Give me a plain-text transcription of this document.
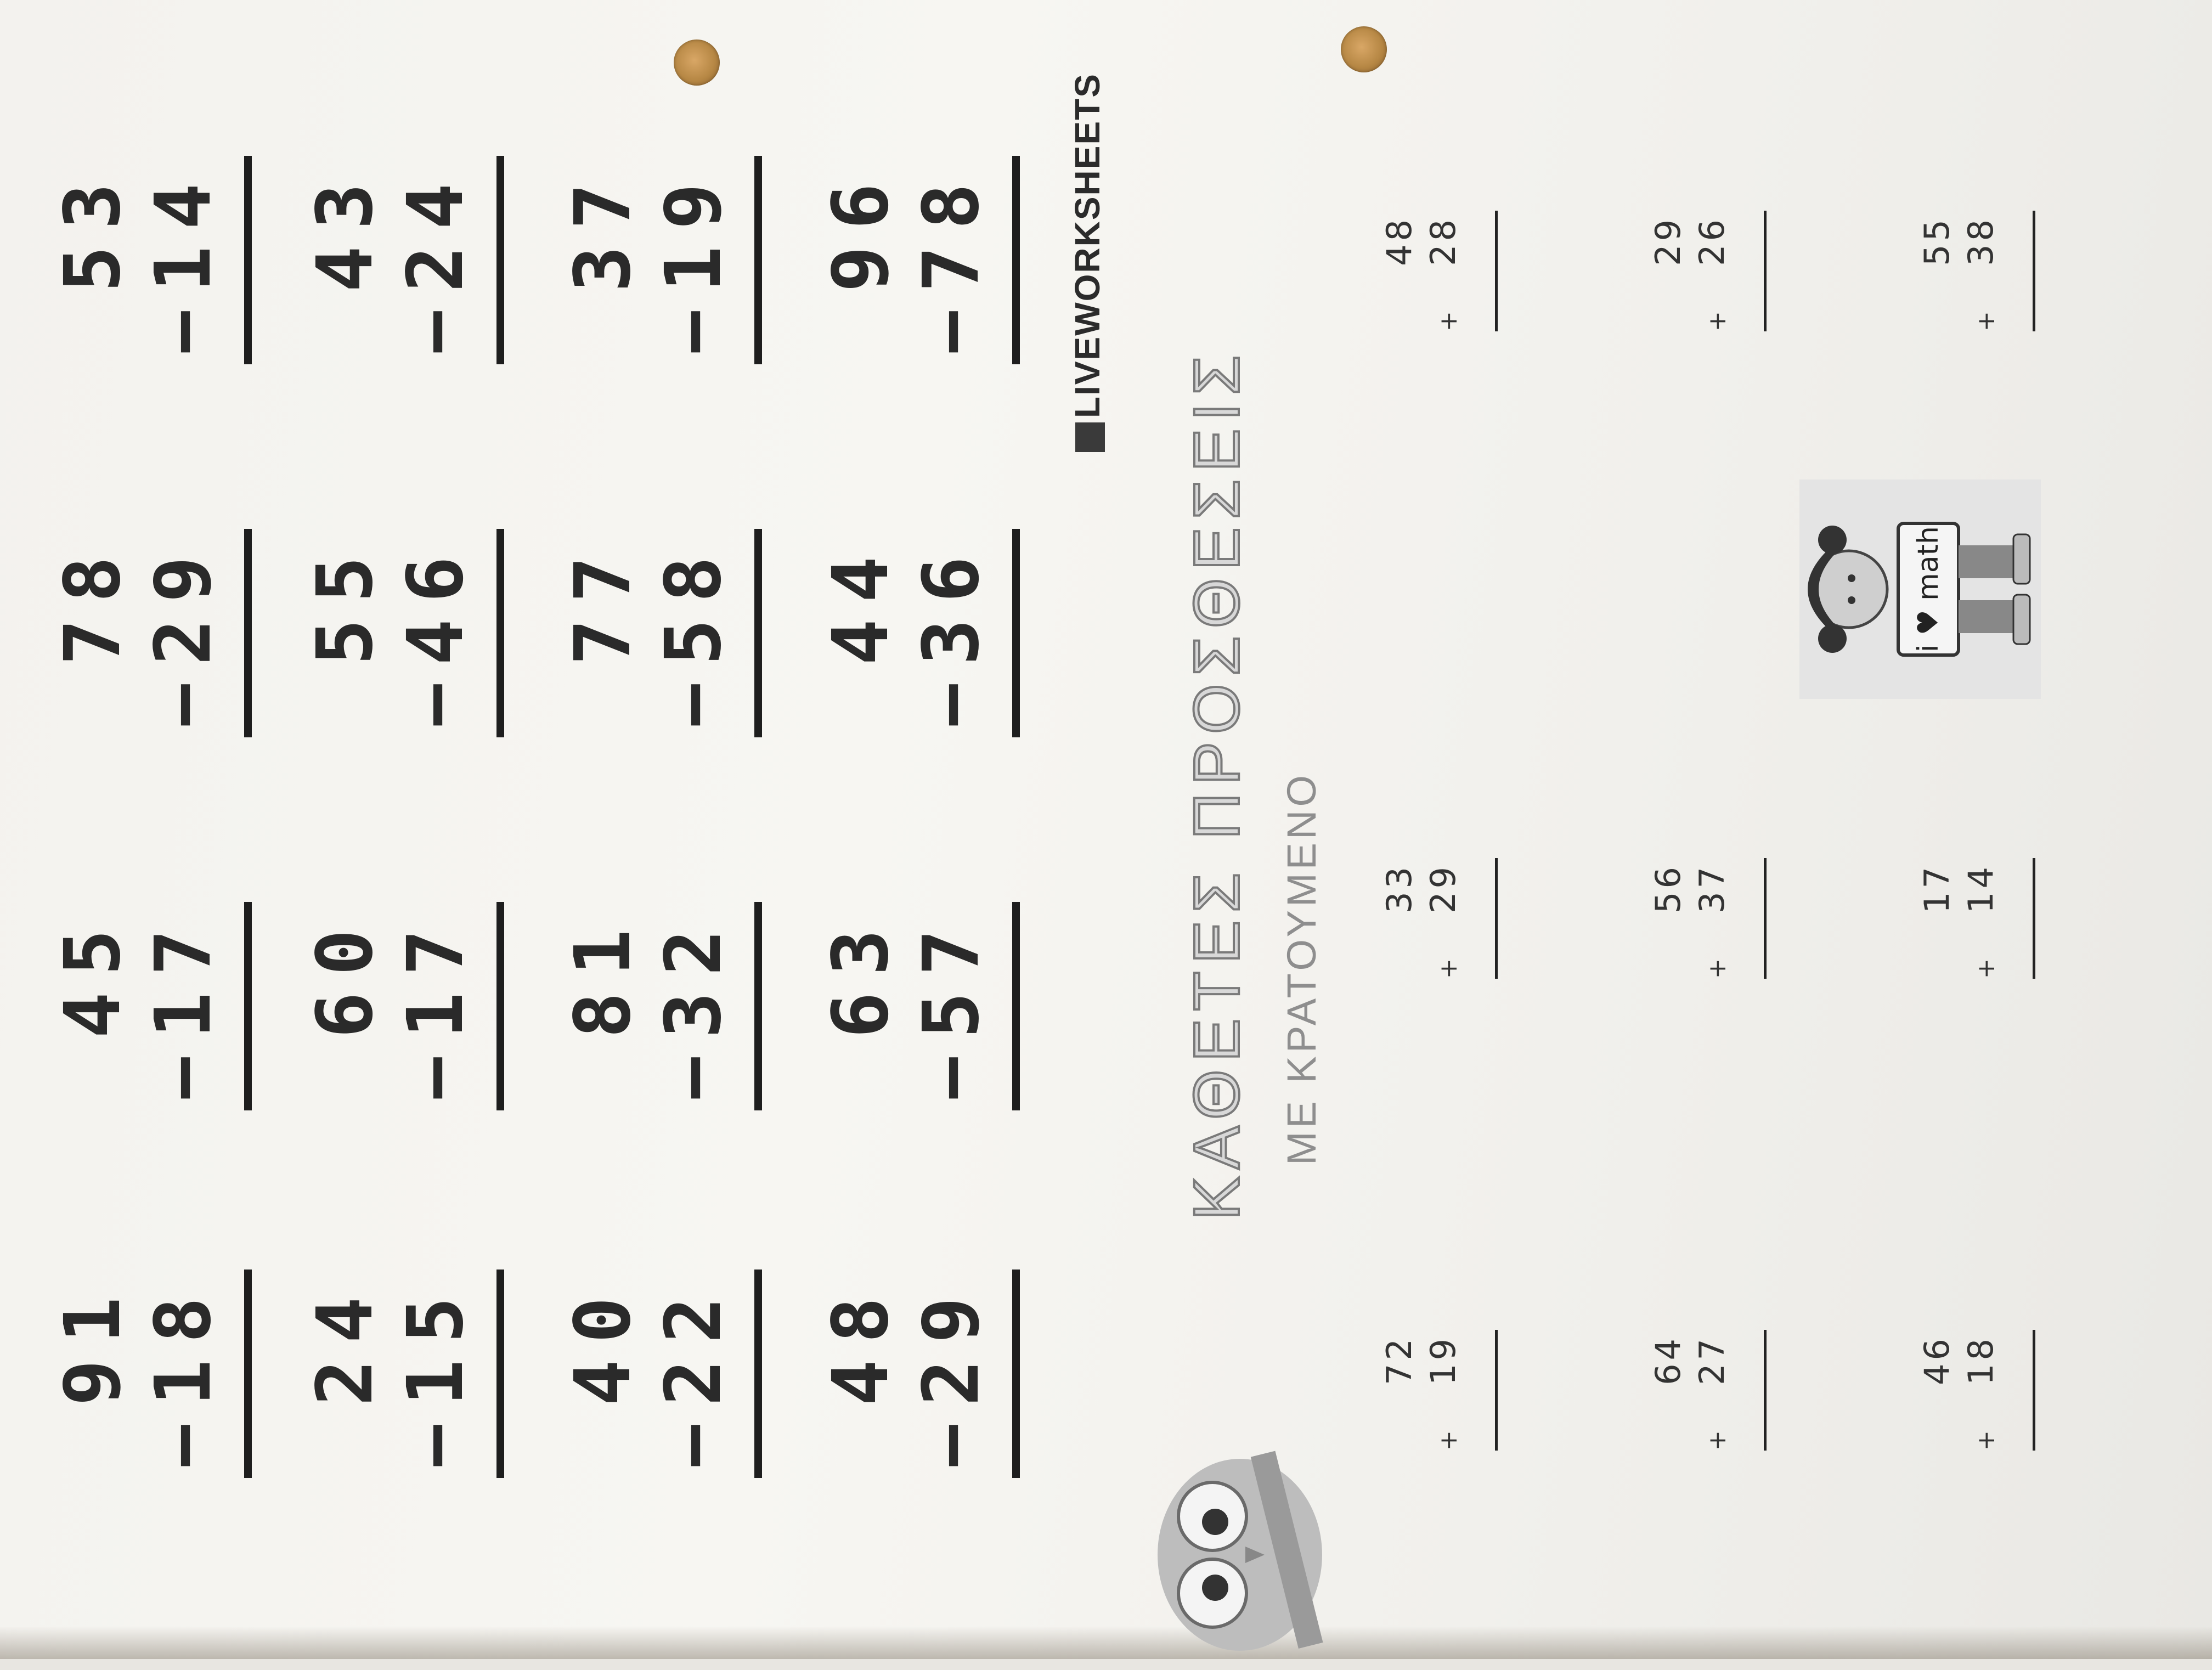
91 −18
45 −17
78 −29
53 −14
24 −15
60 −17
55 −46
43 −24
40 −22
81 −32
77 −58
37 −19
48 −29
63 −57
44 −36
96 −78 LIVEWORKSHEETS
ΚΑΘΕΤΕΣ ΠΡΟΣΘΕΣΕΙΣ ΜΕ ΚΡΑΤΟΥΜΕΝΟ 33
+
29
72
+
19
48
+
28
64
+
27
56
+
37
29
+
26
46
+
18
17
+
14
55
+
38
i ♥ math
